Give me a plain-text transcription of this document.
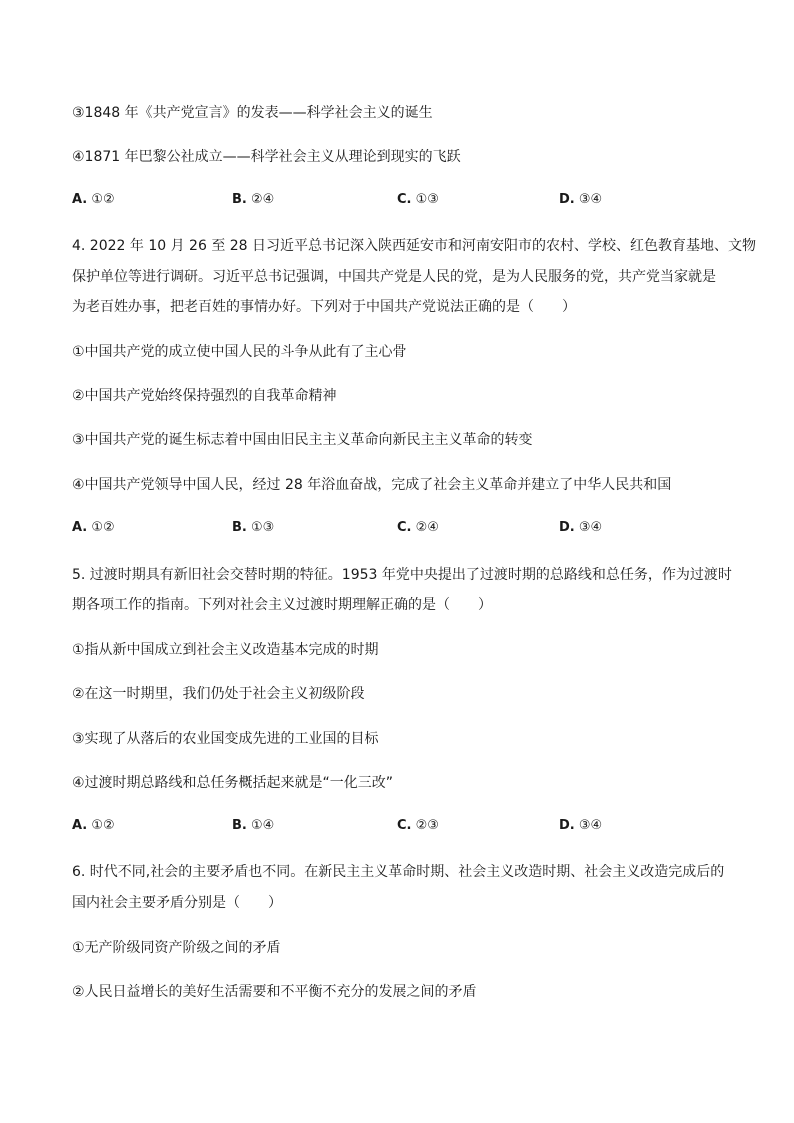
③1848 年《共产党宣言》的发表——科学社会主义的诞生
④1871 年巴黎公社成立——科学社会主义从理论到现实的飞跃
A. ①②	B. ②④	C. ①③	D. ③④
4. 2022 年 10 月 26 至 28 日习近平总书记深入陕西延安市和河南安阳市的农村、学校、红色教育基地、文物
保护单位等进行调研。习近平总书记强调，中国共产党是人民的党，是为人民服务的党，共产党当家就是
为老百姓办事，把老百姓的事情办好。下列对于中国共产党说法正确的是（　　）
①中国共产党的成立使中国人民的斗争从此有了主心骨
②中国共产党始终保持强烈的自我革命精神
③中国共产党的诞生标志着中国由旧民主主义革命向新民主主义革命的转变
④中国共产党领导中国人民，经过 28 年浴血奋战，完成了社会主义革命并建立了中华人民共和国
A. ①②	B. ①③	C. ②④	D. ③④
5. 过渡时期具有新旧社会交替时期的特征。1953 年党中央提出了过渡时期的总路线和总任务，作为过渡时
期各项工作的指南。下列对社会主义过渡时期理解正确的是（　　）
①指从新中国成立到社会主义改造基本完成的时期
②在这一时期里，我们仍处于社会主义初级阶段
③实现了从落后的农业国变成先进的工业国的目标
④过渡时期总路线和总任务概括起来就是“一化三改”
A. ①②	B. ①④	C. ②③	D. ③④
6. 时代不同,社会的主要矛盾也不同。在新民主主义革命时期、社会主义改造时期、社会主义改造完成后的
国内社会主要矛盾分别是（　　）
①无产阶级同资产阶级之间的矛盾
②人民日益增长的美好生活需要和不平衡不充分的发展之间的矛盾
